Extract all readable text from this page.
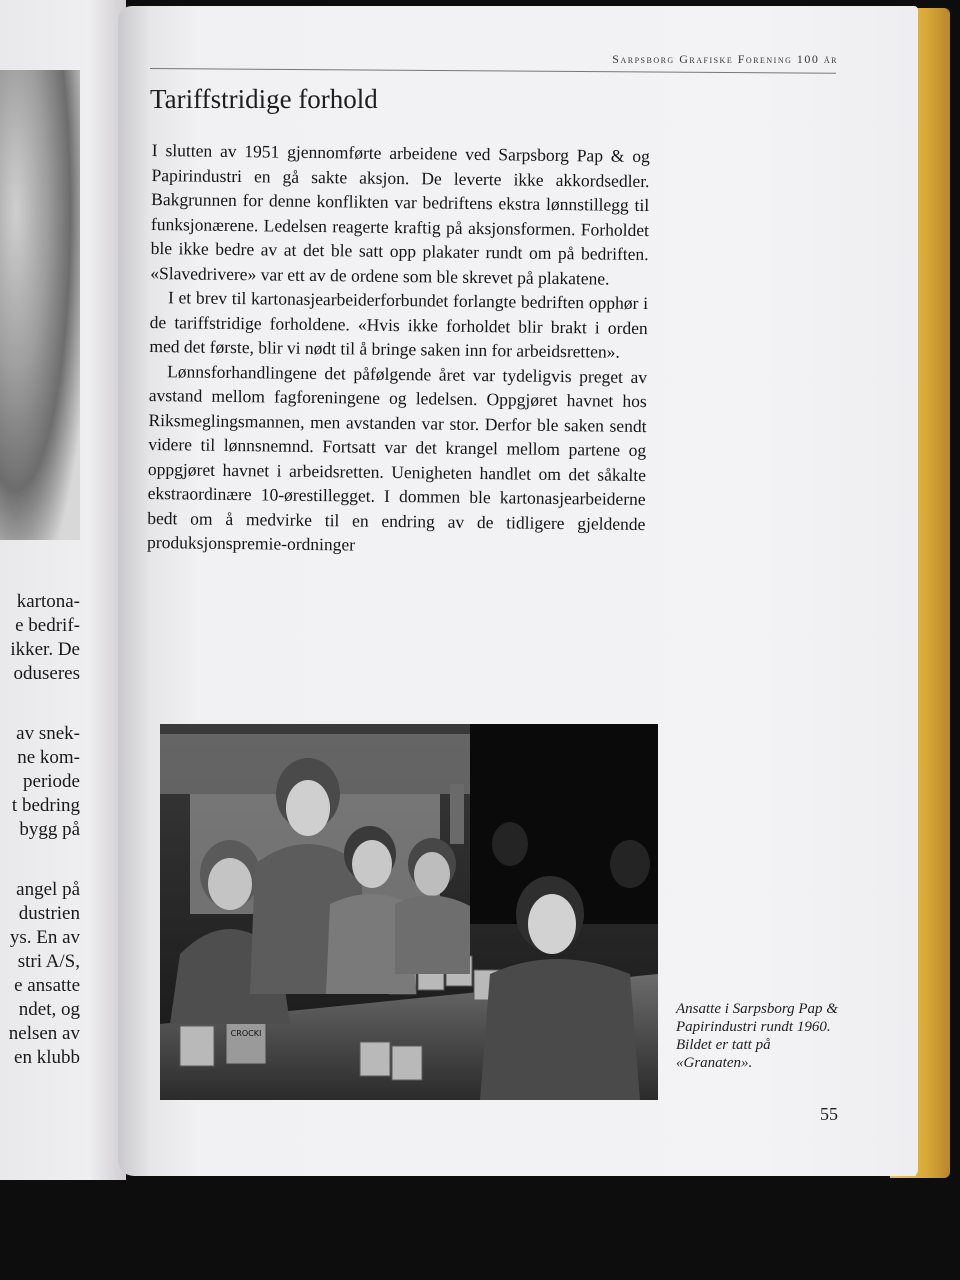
kartona-
e bedrif-
ikker. De
oduseres
av snek-
ne kom-
periode
t bedring
bygg på
angel på
dustrien
ys. En av
stri A/S,
e ansatte
ndet, og
nelsen av
en klubb
Sarpsborg Grafiske Forening 100 år
Tariffstridige forhold

I slutten av 1951 gjennomførte arbeidene ved Sarpsborg Pap & og Papirindustri en gå sakte aksjon. De leverte ikke akkordsedler. Bakgrunnen for denne konflikten var bedriftens ekstra lønnstillegg til funksjonærene. Ledelsen reagerte kraftig på aksjonsformen. Forholdet ble ikke bedre av at det ble satt opp plakater rundt om på bedriften. «Slavedrivere» var ett av de ordene som ble skrevet på plakatene.

I et brev til kartonasjearbeiderforbundet forlangte bedriften opphør i de tariffstridige forholdene. «Hvis ikke forholdet blir brakt i orden med det første, blir vi nødt til å bringe saken inn for arbeidsretten».

Lønnsforhandlingene det påfølgende året var tydeligvis preget av avstand mellom fagforeningene og ledelsen. Oppgjøret havnet hos Riksmeglingsmannen, men avstanden var stor. Derfor ble saken sendt videre til lønnsnemnd. Fortsatt var det krangel mellom partene og oppgjøret havnet i arbeidsretten. Uenigheten handlet om det såkalte ekstraordinære 10-ørestillegget. I dommen ble kartonasjearbeiderne bedt om å medvirke til en endring av de tidligere gjeldende produksjonspremie-ordninger

CROCKI
Ansatte i Sarpsborg Pap & Papirindustri rundt 1960. Bildet er tatt på «Granaten».
55
